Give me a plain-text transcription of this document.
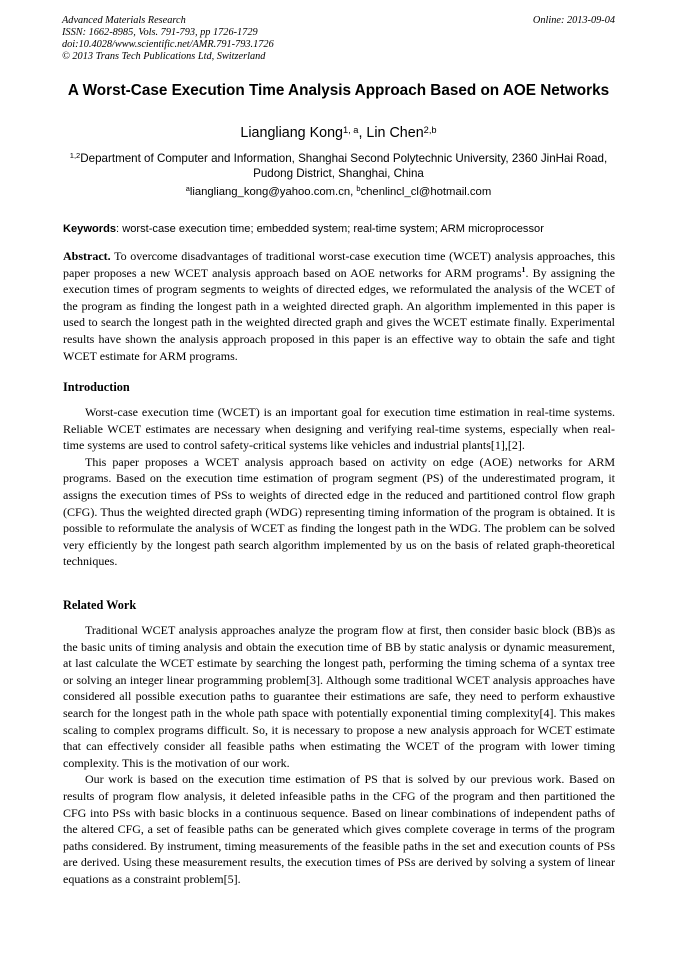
Advanced Materials Research
ISSN: 1662-8985, Vols. 791-793, pp 1726-1729
doi:10.4028/www.scientific.net/AMR.791-793.1726
© 2013 Trans Tech Publications Ltd, Switzerland
Online: 2013-09-04
A Worst-Case Execution Time Analysis Approach Based on AOE Networks
Liangliang Kong$^{1, a}$, Lin Chen$^{2,b}$
$^{1,2}$Department of Computer and Information, Shanghai Second Polytechnic University, 2360 JinHai Road, Pudong District, Shanghai, China
$^a$liangliang_kong@yahoo.com.cn, $^b$chenlincl_cl@hotmail.com
Keywords: worst-case execution time; embedded system; real-time system; ARM microprocessor

Abstract. To overcome disadvantages of traditional worst-case execution time (WCET) analysis approaches, this paper proposes a new WCET analysis approach based on AOE networks for ARM programs$^1$. By assigning the execution times of program segments to weights of directed edges, we reformulated the analysis of the WCET of the program as finding the longest path in a weighted directed graph. An algorithm implemented in this paper is used to search the longest path in the weighted directed graph and gives the WCET estimate finally. Experimental results have shown the analysis approach proposed in this paper is an effective way to obtain the safe and tight WCET estimate for ARM programs.

Introduction

Worst-case execution time (WCET) is an important goal for execution time estimation in real-time systems. Reliable WCET estimates are necessary when designing and verifying real-time systems, especially when real-time systems are used to control safety-critical systems like vehicles and industrial plants[1],[2].

This paper proposes a WCET analysis approach based on activity on edge (AOE) networks for ARM programs. Based on the execution time estimation of program segment (PS) of the underestimated program, it assigns the execution times of PSs to weights of directed edge in the reduced and partitioned control flow graph (CFG). Thus the weighted directed graph (WDG) representing timing information of the program is obtained. It is possible to reformulate the analysis of WCET as finding the longest path in the WDG. The problem can be solved very efficiently by the longest path search algorithm implemented by us on the basis of related graph-theoretical techniques.

Related Work

Traditional WCET analysis approaches analyze the program flow at first, then consider basic block (BB)s as the basic units of timing analysis and obtain the execution time of BB by static analysis or dynamic measurement, at last calculate the WCET estimate by searching the longest path, performing the timing schema of a syntax tree or solving an integer linear programming problem[3]. Although some traditional WCET analysis approaches have considered all possible execution paths to guarantee their estimations are safe, they need to perform exhaustive search for the longest path in the whole path space with potentially exponential timing complexity[4]. This makes scaling to complex programs difficult. So, it is necessary to propose a new analysis approach for WCET estimate that can effectively consider all feasible paths when estimating the WCET of the program with lower timing complexity. This is the motivation of our work.

Our work is based on the execution time estimation of PS that is solved by our previous work. Based on results of program flow analysis, it deleted infeasible paths in the CFG of the program and then partitioned the CFG into PSs with basic blocks in a continuous sequence. Based on linear combinations of independent paths of the altered CFG, a set of feasible paths can be generated which gives complete coverage in terms of the program paths considered. By instrument, timing measurements of the feasible paths in the set and execution counts of PSs are derived. Using these measurement results, the execution times of PSs are derived by solving a system of linear equations as a constraint problem[5].
